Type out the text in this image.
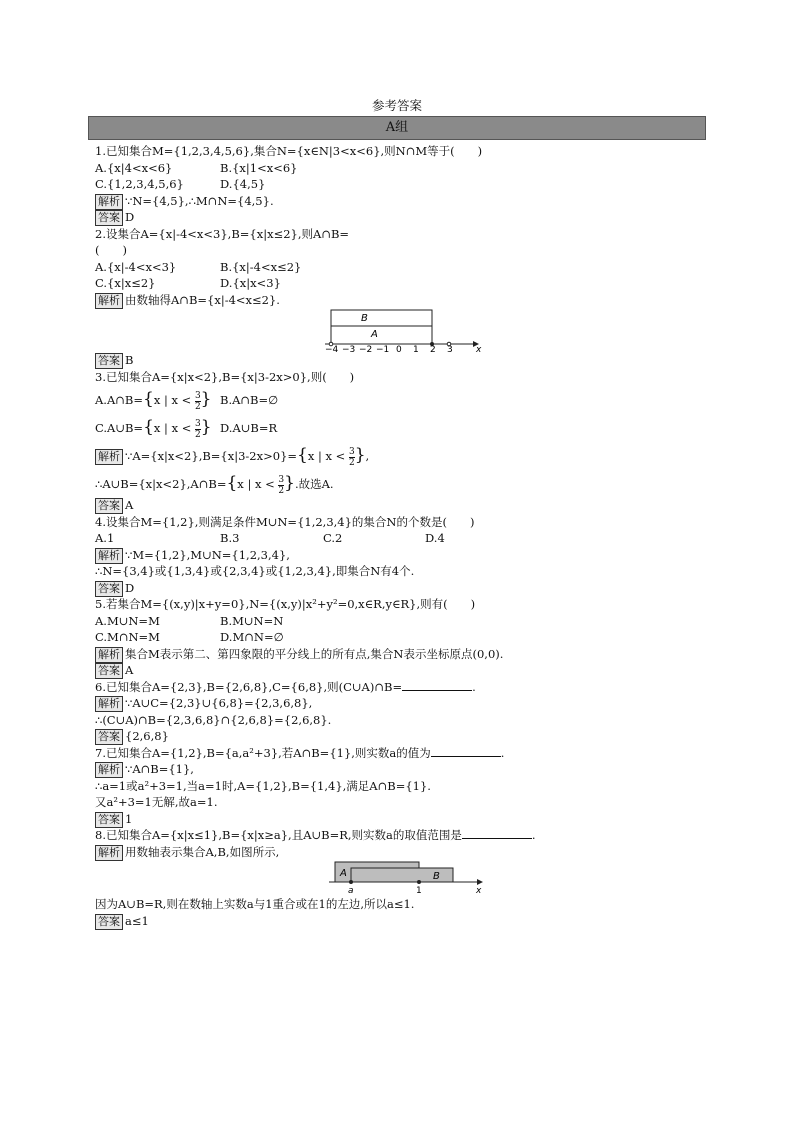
参考答案
A组
1.已知集合M={1,2,3,4,5,6},集合N={x∈N|3<x<6},则N∩M等于(　　)
A.{x|4<x<6}	B.{x|1<x<6}
C.{1,2,3,4,5,6}	D.{4,5}
解析 ∵N={4,5},∴M∩N={4,5}.
答案 D
2.设集合A={x|-4<x<3},B={x|x≤2},则A∩B=
(　　)
A.{x|-4<x<3}	B.{x|-4<x≤2}
C.{x|x≤2}	D.{x|x<3}
解析 由数轴得A∩B={x|-4<x≤2}.
B
A
−4 −3 −2 −1 0 1 2 3	x
答案 B
3.已知集合A={x|x<2},B={x|3-2x>0},则(　　)
A.A∩B={x | $x < \frac{3}{2}$ } B.A∩B=∅
C.A∪B={x | $x < \frac{3}{2}$ } D.A∪B=R
解析 ∵A={x|x<2},B={x|3-2x>0}={x | $x < \frac{3}{2}$ },
∴A∪B={x|x<2},A∩B={x | $x < \frac{3}{2}$ }.故选A.
答案 A
4.设集合M={1,2},则满足条件M∪N={1,2,3,4}的集合N的个数是(　　)
A.1	B.3	C.2	D.4
解析 ∵M={1,2},M∪N={1,2,3,4},
∴N={3,4}或{1,3,4}或{2,3,4}或{1,2,3,4},即集合N有4个.
答案 D
5.若集合M={(x,y)|x+y=0},N={(x,y)|x²+y²=0,x∈R,y∈R},则有(　　)
A.M∪N=M	B.M∪N=N
C.M∩N=M	D.M∩N=∅
解析 集合M表示第二、第四象限的平分线上的所有点,集合N表示坐标原点(0,0).
答案 A
6.已知集合A={2,3},B={2,6,8},C={6,8},则(C∪A)∩B=	.
解析 ∵A∪C={2,3}∪{6,8}={2,3,6,8},
∴(C∪A)∩B={2,3,6,8}∩{2,6,8}={2,6,8}.
答案 {2,6,8}
7.已知集合A={1,2},B={a,a²+3},若A∩B={1},则实数a的值为	.
解析 ∵A∩B={1},
∴a=1或a²+3=1,当a=1时,A={1,2},B={1,4},满足A∩B={1}.
又a²+3=1无解,故a=1.
答案 1
8.已知集合A={x|x≤1},B={x|x≥a},且A∪B=R,则实数a的取值范围是	.
解析 用数轴表示集合A,B,如图所示,
A	B
a	1	x
因为A∪B=R,则在数轴上实数a与1重合或在1的左边,所以a≤1.
答案 a≤1
